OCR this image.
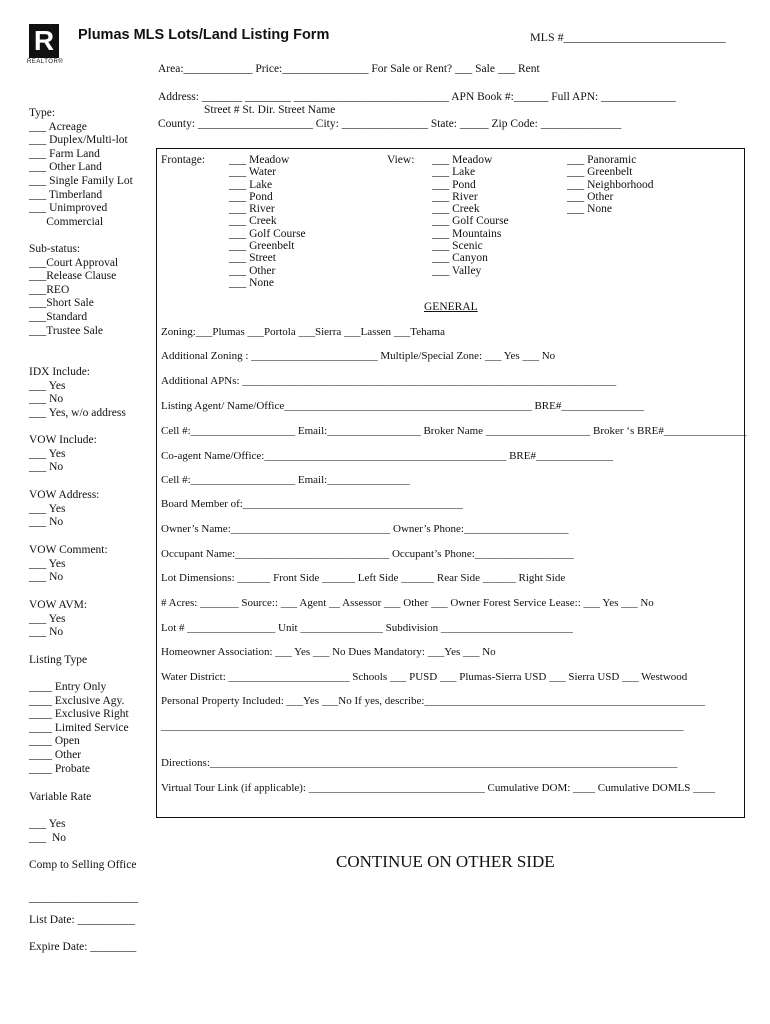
R
REALTOR®
Plumas MLS Lots/Land Listing Form	MLS #___________________________
Area:____________ Price:_______________ For Sale or Rent? ___ Sale ___ Rent
Address: _______ ________ ___________________________ APN Book #:______ Full APN: _____________
Street # St. Dir. Street Name
County: ____________________ City: _______________ State: _____ Zip Code: ______________
Type:
___ Acreage
___ Duplex/Multi-lot
___ Farm Land
___ Other Land
___ Single Family Lot
___ Timberland
___ Unimproved
Commercial
Sub-status:
___Court Approval
___Release Clause
___REO
___Short Sale
___Standard
___Trustee Sale
IDX Include:
___ Yes
___ No
___ Yes, w/o address
VOW Include:
___ Yes
___ No
VOW Address:
___ Yes
___ No
VOW Comment:
___ Yes
___ No
VOW AVM:
___ Yes
___ No
Listing Type
____ Entry Only
____ Exclusive Agy.
____ Exclusive Right
____ Limited Service
____ Open
____ Other
____ Probate
Variable Rate
___ Yes
___  No
Comp to Selling Office
___________________
List Date: __________
Expire Date: ________
Frontage: ___ Meadow
___ Water
___ Lake
___ Pond
___ River
___ Creek
___ Golf Course
___ Greenbelt
___ Street
___ Other
___ None
View: ___ Meadow
___ Lake
___ Pond
___ River
___ Creek
___ Golf Course
___ Mountains
___ Scenic
___ Canyon
___ Valley
___ Panoramic
___ Greenbelt
___ Neighborhood
___ Other
___ None
GENERAL
Zoning:___Plumas ___Portola ___Sierra ___Lassen ___Tehama
Additional Zoning : _______________________ Multiple/Special Zone: ___ Yes ___ No
Additional APNs: ____________________________________________________________________
Listing Agent/ Name/Office_____________________________________________ BRE#_______________
Cell #:___________________ Email:_________________ Broker Name ___________________ Broker ‘s BRE#_______________
Co-agent Name/Office:____________________________________________ BRE#______________
Cell #:___________________ Email:_______________
Board Member of:________________________________________
Owner’s Name:_____________________________ Owner’s Phone:___________________
Occupant Name:____________________________ Occupant’s Phone:__________________
Lot Dimensions: ______ Front Side ______ Left Side ______ Rear Side ______ Right Side
# Acres: _______ Source:: ___ Agent __ Assessor ___ Other ___ Owner Forest Service Lease:: ___ Yes ___ No
Lot # ________________ Unit _______________ Subdivision ________________________
Homeowner Association: ___ Yes ___ No Dues Mandatory: ___Yes ___ No
Water District: ______________________ Schools ___ PUSD ___ Plumas-Sierra USD ___ Sierra USD ___ Westwood
Personal Property Included: ___Yes ___No If yes, describe:___________________________________________________
_______________________________________________________________________________________________
Directions:_____________________________________________________________________________________
Virtual Tour Link (if applicable): ________________________________ Cumulative DOM: ____ Cumulative DOMLS ____
CONTINUE ON OTHER SIDE
